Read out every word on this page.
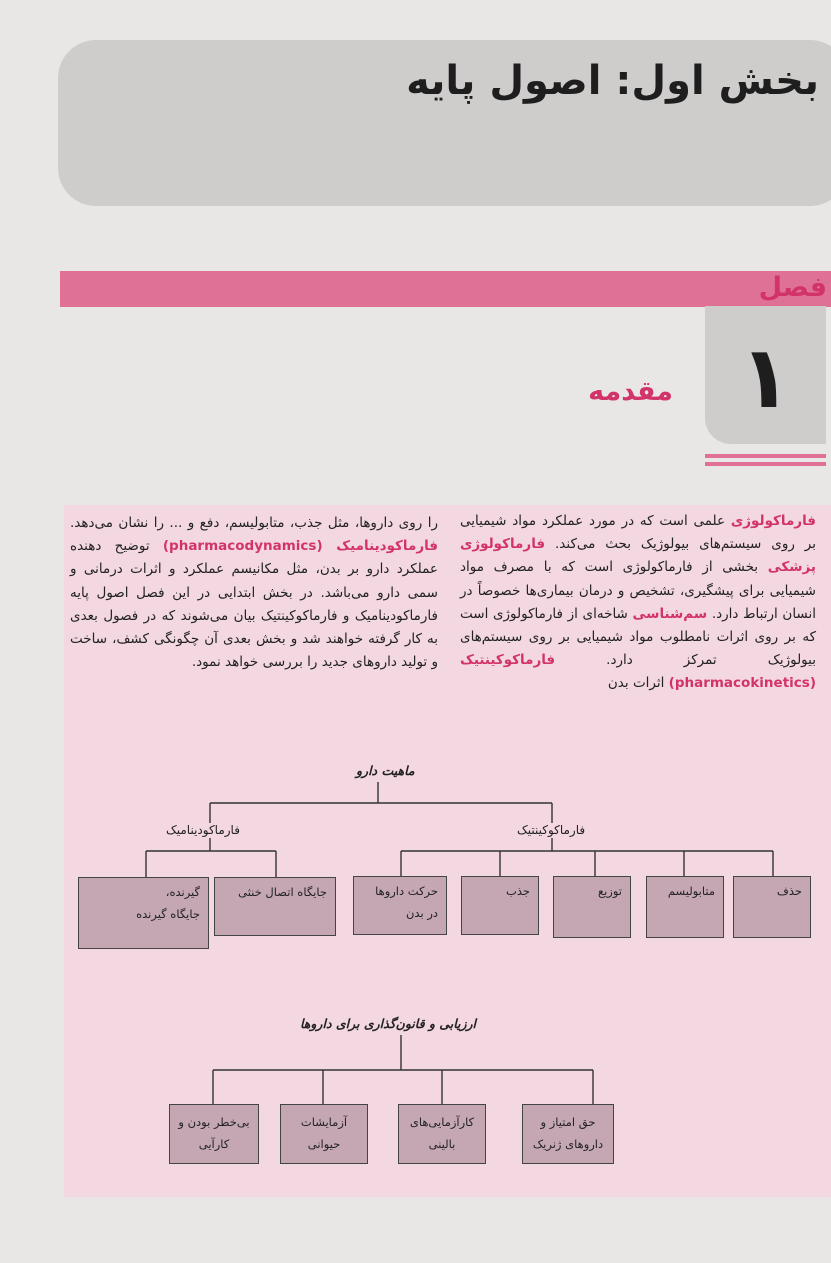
بخش اول: اصول پایه
فصل
۱
مقدمه
فارماکولوژی علمی است که در مورد عملکرد مواد شیمیایی بر روی سیستم‌های بیولوژیک بحث می‌کند. فارماکولوژی پزشکی بخشی از فارماکولوژی است که با مصرف مواد شیمیایی برای پیشگیری، تشخیص و درمان بیماری‌ها خصوصاً در انسان ارتباط دارد. سم‌شناسی شاخه‌ای از فارماکولوژی است که بر روی اثرات نامطلوب مواد شیمیایی بر روی سیستم‌های بیولوژیک تمرکز دارد. فارماکوکینتیک (pharmacokinetics) اثرات بدن
را روی داروها، مثل جذب، متابولیسم، دفع و ... را نشان می‌دهد. فارماکودینامیک (pharmacodynamics) توضیح دهنده عملکرد دارو بر بدن، مثل مکانیسم عملکرد و اثرات درمانی و سمی دارو می‌باشد. در بخش ابتدایی در این فصل اصول پایه فارماکودینامیک و فارماکوکینتیک بیان می‌شوند که در فصول بعدی به کار گرفته خواهند شد و بخش بعدی آن چگونگی کشف، ساخت و تولید داروهای جدید را بررسی خواهد نمود.
ماهیت دارو
فارماکودینامیک	فارماکوکینتیک
گیرنده،
جایگاه گیرنده
جایگاه اتصال خنثی	حرکت داروها
در بدن
جذب	توزیع	متابولیسم	حذف
ارزیابی و قانون‌گذاری برای داروها
بی‌خطر بودن و
کارآیی
آزمایشات حیوانی
کارآزمایی‌های
بالینی
حق امتیاز و
داروهای ژنریک
